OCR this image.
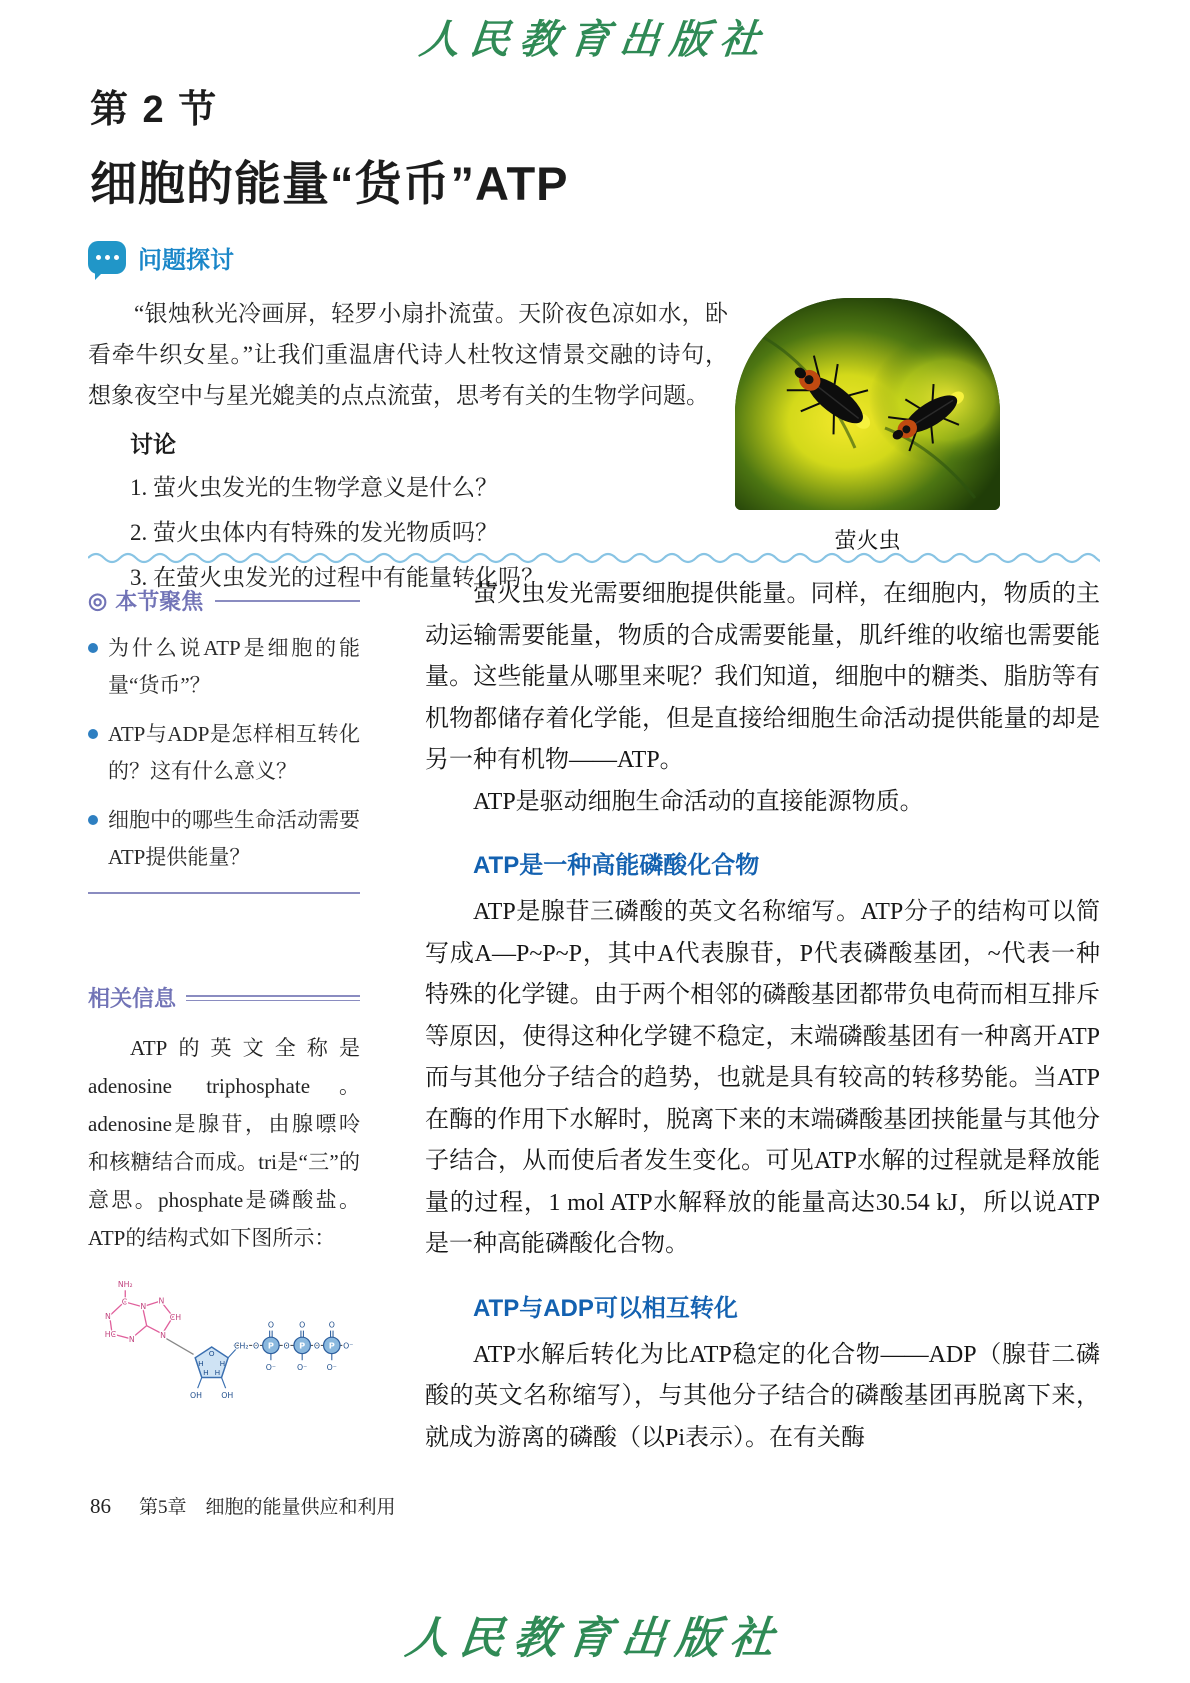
人民教育出版社
第 2 节
细胞的能量“货币”ATP
问题探讨
“银烛秋光冷画屏，轻罗小扇扑流萤。天阶夜色凉如水，卧看牵牛织女星。”让我们重温唐代诗人杜牧这情景交融的诗句，想象夜空中与星光媲美的点点流萤，思考有关的生物学问题。
讨论
1. 萤火虫发光的生物学意义是什么？
2. 萤火虫体内有特殊的发光物质吗？
3. 在萤火虫发光的过程中有能量转化吗？
萤火虫
◎ 本节聚焦
为什么说ATP是细胞的能量“货币”？
ATP与ADP是怎样相互转化的？这有什么意义？
细胞中的哪些生命活动需要ATP提供能量？
相关信息
ATP的英文全称是adenosine triphosphate。adenosine是腺苷，由腺嘌呤和核糖结合而成。tri是“三”的意思。phosphate是磷酸盐。ATP的结构式如下图所示：
NH₂
N
C
N
HC
N
N
CH
N
O
H H
H H
OH OH
P	P P
CH₂ O	O	O O⁻
O	O O
O⁻ O⁻ O⁻

萤火虫发光需要细胞提供能量。同样，在细胞内，物质的主动运输需要能量，物质的合成需要能量，肌纤维的收缩也需要能量。这些能量从哪里来呢？我们知道，细胞中的糖类、脂肪等有机物都储存着化学能，但是直接给细胞生命活动提供能量的却是另一种有机物——ATP。

ATP是驱动细胞生命活动的直接能源物质。

ATP是一种高能磷酸化合物

ATP是腺苷三磷酸的英文名称缩写。ATP分子的结构可以简写成A—P~P~P，其中A代表腺苷，P代表磷酸基团，~代表一种特殊的化学键。由于两个相邻的磷酸基团都带负电荷而相互排斥等原因，使得这种化学键不稳定，末端磷酸基团有一种离开ATP而与其他分子结合的趋势，也就是具有较高的转移势能。当ATP在酶的作用下水解时，脱离下来的末端磷酸基团挟能量与其他分子结合，从而使后者发生变化。可见ATP水解的过程就是释放能量的过程，1 mol ATP水解释放的能量高达30.54 kJ，所以说ATP是一种高能磷酸化合物。

ATP与ADP可以相互转化

ATP水解后转化为比ATP稳定的化合物——ADP（腺苷二磷酸的英文名称缩写），与其他分子结合的磷酸基团再脱离下来，就成为游离的磷酸（以Pi表示）。在有关酶

86 第5章　细胞的能量供应和利用
人民教育出版社
